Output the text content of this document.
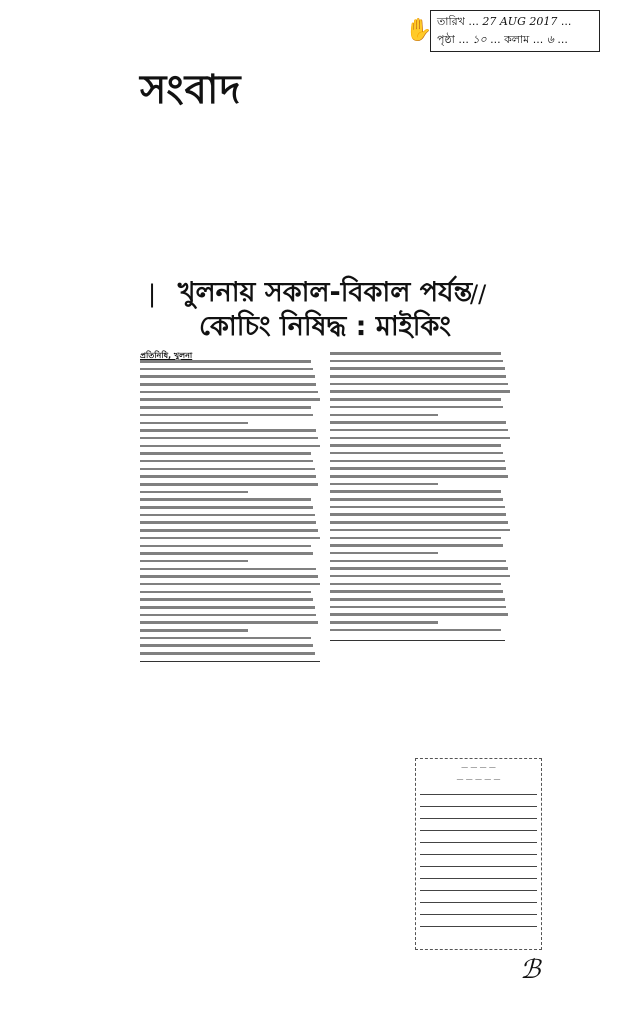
সংবাদ
✋ তারিখ ... 27 AUG 2017 ...
পৃষ্ঠা ... ১০ ... কলাম ... ৬ ...
|	//
খুলনায় সকাল-বিকাল পর্যন্ত
কোচিং নিষিদ্ধ : মাইকিং
প্রতিনিধি, খুলনা
— — — —
— — — — —
ℬ
